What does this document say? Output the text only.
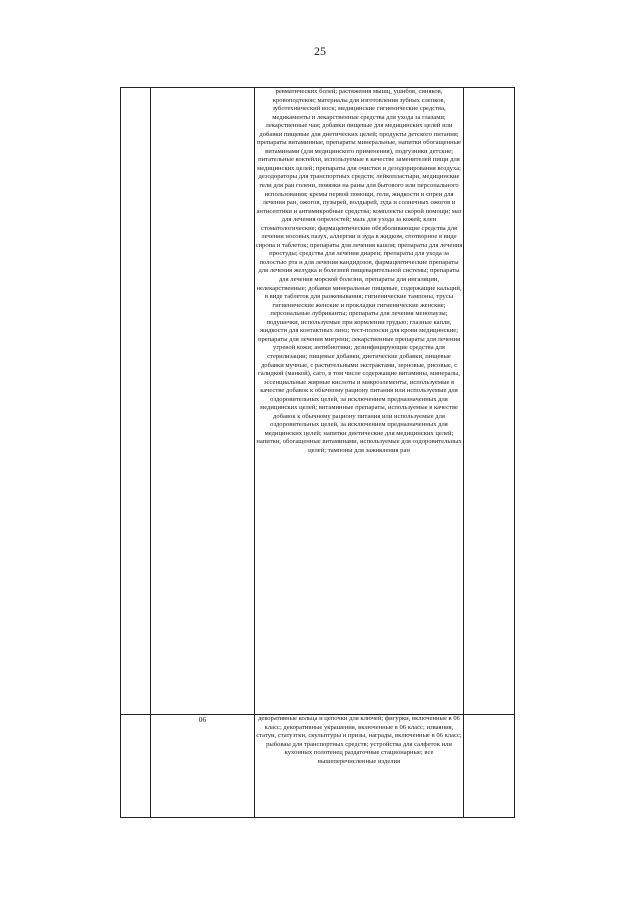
25
		ревматических болей; растяжения мышц, ушибов, синяков, кровоподтеков; материалы для изготовления зубных слепков, зуботехнический воск; медицинские гигиенические средства, медикаменты и лекарственные средства для ухода за глазами; лекарственные чаи; добавки пищевые для медицинских целей или добавки пищевые для диетических целей; продукты детского питания; препараты витаминные, препараты минеральные, напитки обогащенные витаминами (для медицинского применения), подгузники детские; питательные коктейли, используемые в качестве заменителей пищи для медицинских целей; препараты для очистки и дезодорирования воздуха; дезодораторы для транспортных средств; лейкопластыри, медицинские гели для ран голени, повязки на раны для бытового или персонального использования; кремы первой помощи, гели, жидкости и спреи для лечения ран, ожогов, пузырей, волдырей, зуда и солнечных ожогов и антисептики и антимикробные средства; комплекты скорой помощи; маз для лечения опрелостей; мазь для ухода за кожей; клеи стоматологические; фармацевтические обезболивающие средства для лечения носовых пазух, аллергии и зуда в жидком, спотворное в виде сиропа и таблеток; препараты для лечения кашля; препараты для лечения простуды; средства для лечения диареи; препараты для ухода за полостью рта и для лечения кандидозов, фармацевтические препараты для лечения желудка и болезней пищеварительной системы; препараты для лечения морской болезни, препараты для ингаляции, нелекарственные; добавки минеральные пищевые, содержащие кальций, в виде таблеток для разжевывания; гигиенические тампоны, трусы гигиенические женские и прокладки гигиенические женские; персональные лубриканты; препараты для лечения менопаузы; подушечки, используемые при кормлении грудью; глазные капли, жидкости для контактных линз; тест-полоски для крови медицинские; препараты для лечения мигрени; лекарственные препараты для лечения угревой кожи; антибиотики; дезинфицирующие средства для стерилизации; пищевые добавки, диетические добавки, пищевые добавки мучные, с растительными экстрактами, зерновые, рисовые, с галидкой (манкой), саго, в том числе содержащие витамины, минералы, эссенциальные жирные кислоты и микроэлементы, используемые в качестве добавок к обычному рациону питания или используемые для оздоровительных целей, за исключением предназначенных для медицинских целей; витаминные препараты, используемые в качестве добавок к обычному рациону питания или используемые для оздоровительных целей, за исключением предназначенных для медицинских целей; напитки диетические для медицинских целей; напитки, обогащенные витаминами, используемые для оздоровительных целей; тампоны для заживления ран	
	06	декоративные кольца и цепочки для ключей; фигурки, включенные в 06 класс; декоративные украшения, включенные в 06 класс; изваяния, статуи, статуэтки, скульптуры и призы, награды, включенные в 06 класс; рыбоваы для транспортных средств; устройства для салфеток или кухонных полотенец раздаточные стационарные; все вышеперечисленные изделия	
